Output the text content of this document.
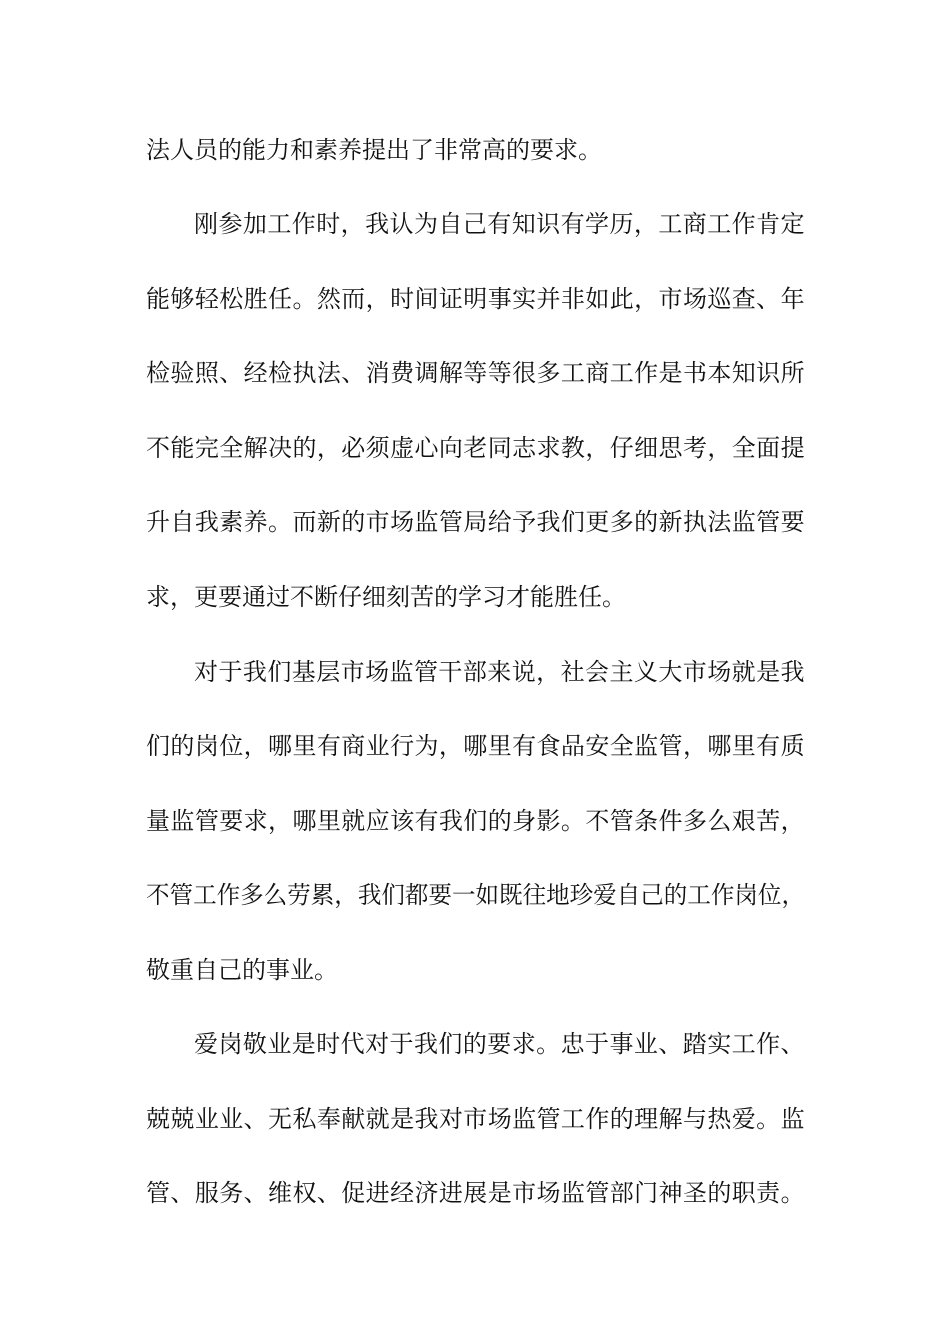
法人员的能力和素养提出了非常高的要求。
刚参加工作时，我认为自己有知识有学历，工商工作肯定
能够轻松胜任。然而，时间证明事实并非如此，市场巡查、年
检验照、经检执法、消费调解等等很多工商工作是书本知识所
不能完全解决的，必须虚心向老同志求教，仔细思考，全面提
升自我素养。而新的市场监管局给予我们更多的新执法监管要
求，更要通过不断仔细刻苦的学习才能胜任。
对于我们基层市场监管干部来说，社会主义大市场就是我
们的岗位，哪里有商业行为，哪里有食品安全监管，哪里有质
量监管要求，哪里就应该有我们的身影。不管条件多么艰苦，
不管工作多么劳累，我们都要一如既往地珍爱自己的工作岗位，
敬重自己的事业。
爱岗敬业是时代对于我们的要求。忠于事业、踏实工作、
兢兢业业、无私奉献就是我对市场监管工作的理解与热爱。监
管、服务、维权、促进经济进展是市场监管部门神圣的职责。
